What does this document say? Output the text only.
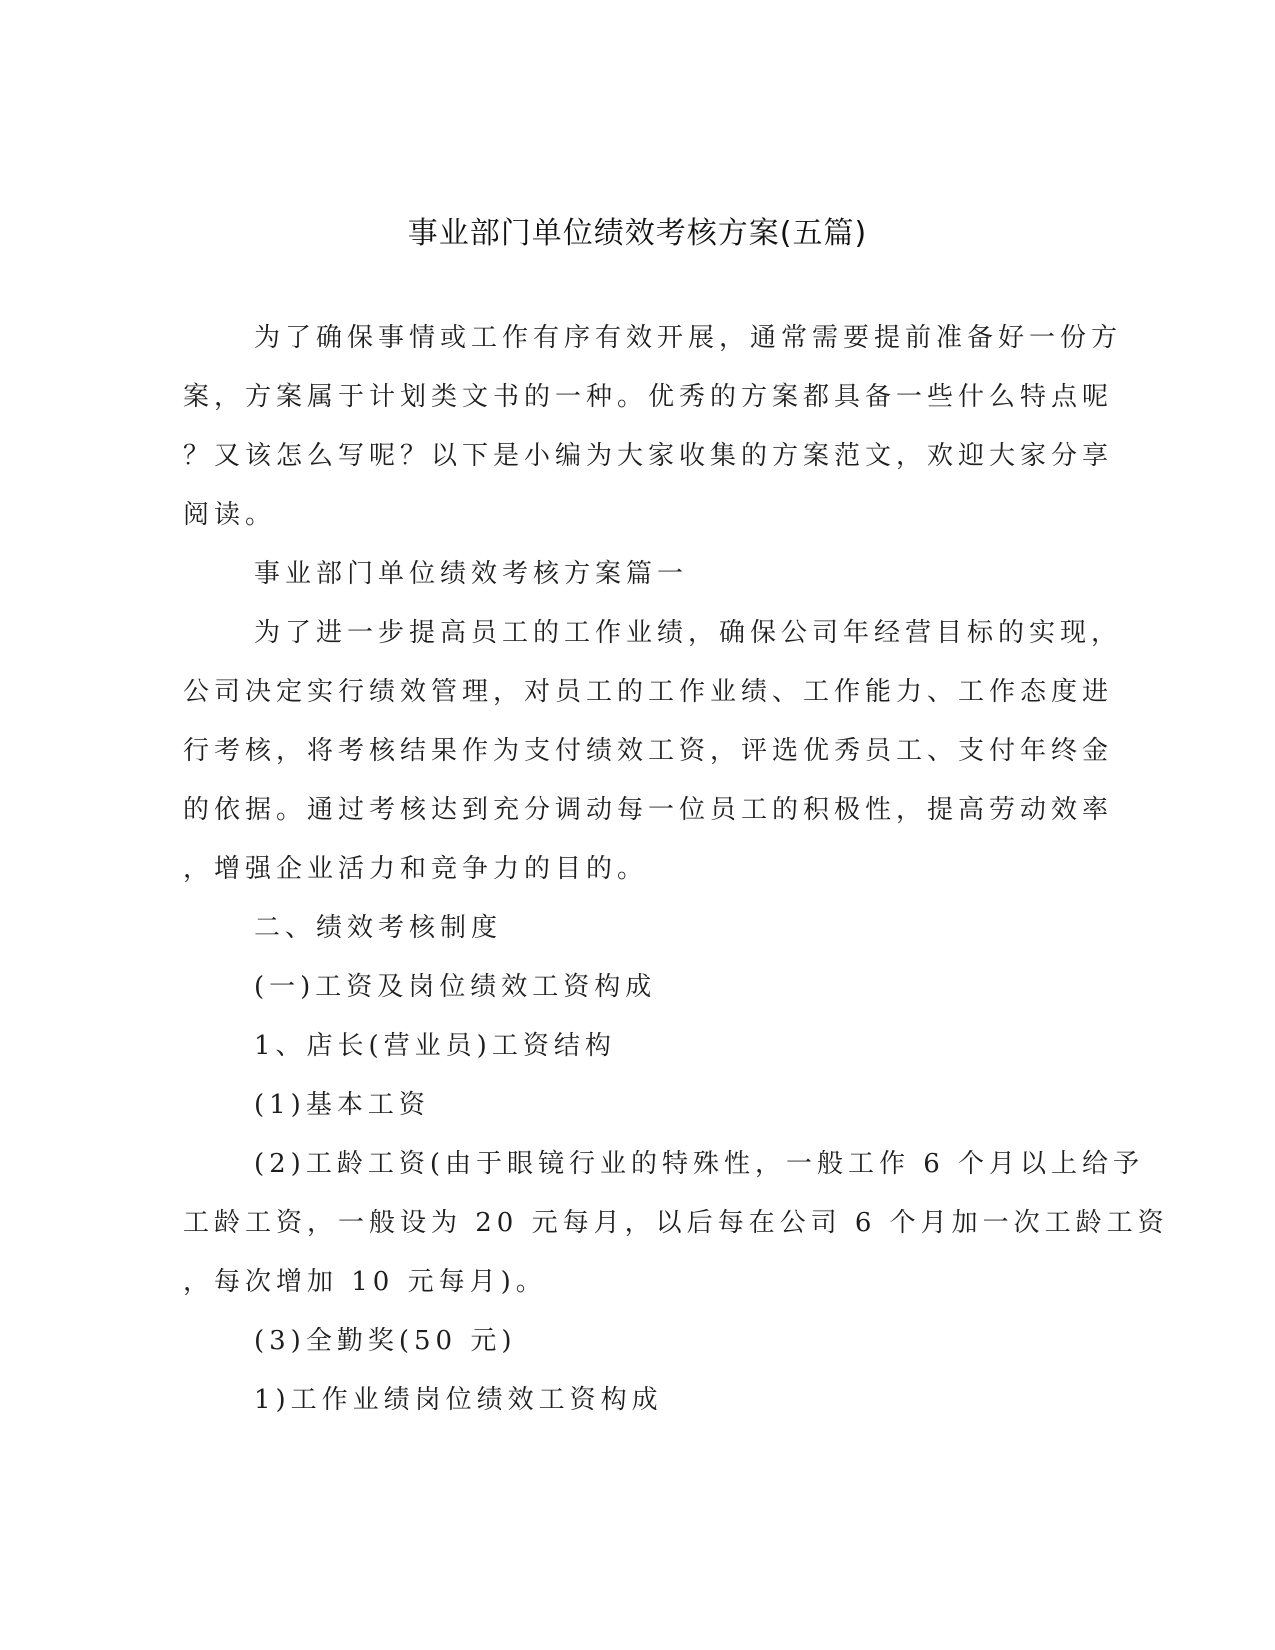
事业部门单位绩效考核方案(五篇)
为了确保事情或工作有序有效开展，通常需要提前准备好一份方
案，方案属于计划类文书的一种。优秀的方案都具备一些什么特点呢
？又该怎么写呢？以下是小编为大家收集的方案范文，欢迎大家分享
阅读。
事业部门单位绩效考核方案篇一
为了进一步提高员工的工作业绩，确保公司年经营目标的实现，
公司决定实行绩效管理，对员工的工作业绩、工作能力、工作态度进
行考核，将考核结果作为支付绩效工资，评选优秀员工、支付年终金
的依据。通过考核达到充分调动每一位员工的积极性，提高劳动效率
，增强企业活力和竞争力的目的。
二、绩效考核制度
(一)工资及岗位绩效工资构成
1、店长(营业员)工资结构
(1)基本工资
(2)工龄工资(由于眼镜行业的特殊性，一般工作 6 个月以上给予
工龄工资，一般设为 20 元每月，以后每在公司 6 个月加一次工龄工资
，每次增加 10 元每月)。
(3)全勤奖(50 元)
1)工作业绩岗位绩效工资构成
